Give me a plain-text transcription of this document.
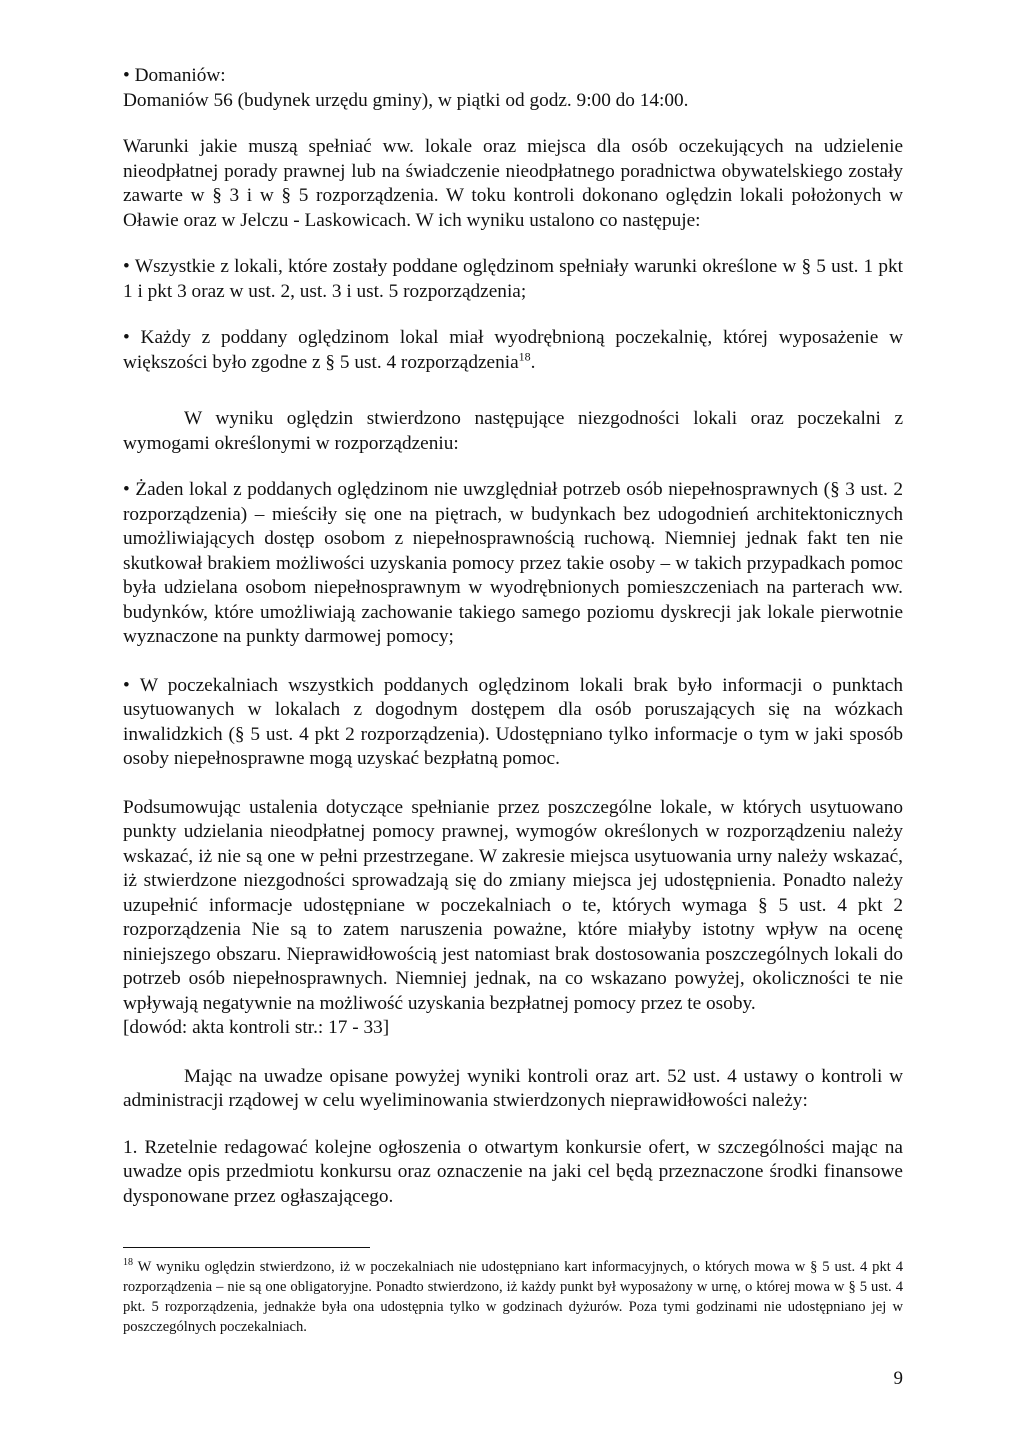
• Domaniów:

Domaniów 56 (budynek urzędu gminy), w piątki od godz. 9:00 do 14:00.

Warunki jakie muszą spełniać ww. lokale oraz miejsca dla osób oczekujących na udzielenie nieodpłatnej porady prawnej lub na świadczenie nieodpłatnego poradnictwa obywatelskiego zostały zawarte w § 3 i w § 5 rozporządzenia. W toku kontroli dokonano oględzin lokali położonych w Oławie oraz w Jelczu - Laskowicach. W ich wyniku ustalono co następuje:

• Wszystkie z lokali, które zostały poddane oględzinom spełniały warunki określone w § 5 ust. 1 pkt 1 i pkt 3 oraz w ust. 2, ust. 3 i ust. 5 rozporządzenia;

• Każdy z poddany oględzinom lokal miał wyodrębnioną poczekalnię, której wyposażenie w większości było zgodne z § 5 ust. 4 rozporządzenia$^{18}$.

W wyniku oględzin stwierdzono następujące niezgodności lokali oraz poczekalni z wymogami określonymi w rozporządzeniu:

• Żaden lokal z poddanych oględzinom nie uwzględniał potrzeb osób niepełnosprawnych (§ 3 ust. 2 rozporządzenia) – mieściły się one na piętrach, w budynkach bez udogodnień architektonicznych umożliwiających dostęp osobom z niepełnosprawnością ruchową. Niemniej jednak fakt ten nie skutkował brakiem możliwości uzyskania pomocy przez takie osoby – w takich przypadkach pomoc była udzielana osobom niepełnosprawnym w wyodrębnionych pomieszczeniach na parterach ww. budynków, które umożliwiają zachowanie takiego samego poziomu dyskrecji jak lokale pierwotnie wyznaczone na punkty darmowej pomocy;

• W poczekalniach wszystkich poddanych oględzinom lokali brak było informacji o punktach usytuowanych w lokalach z dogodnym dostępem dla osób poruszających się na wózkach inwalidzkich (§ 5 ust. 4 pkt 2 rozporządzenia). Udostępniano tylko informacje o tym w jaki sposób osoby niepełnosprawne mogą uzyskać bezpłatną pomoc.

Podsumowując ustalenia dotyczące spełnianie przez poszczególne lokale, w których usytuowano punkty udzielania nieodpłatnej pomocy prawnej, wymogów określonych w rozporządzeniu należy wskazać, iż nie są one w pełni przestrzegane. W zakresie miejsca usytuowania urny należy wskazać, iż stwierdzone niezgodności sprowadzają się do zmiany miejsca jej udostępnienia. Ponadto należy uzupełnić informacje udostępniane w poczekalniach o te, których wymaga § 5 ust. 4 pkt 2 rozporządzenia Nie są to zatem naruszenia poważne, które miałyby istotny wpływ na ocenę niniejszego obszaru. Nieprawidłowością jest natomiast brak dostosowania poszczególnych lokali do potrzeb osób niepełnosprawnych. Niemniej jednak, na co wskazano powyżej, okoliczności te nie wpływają negatywnie na możliwość uzyskania bezpłatnej pomocy przez te osoby.

[dowód: akta kontroli str.: 17 - 33]

Mając na uwadze opisane powyżej wyniki kontroli oraz art. 52 ust. 4 ustawy o kontroli w administracji rządowej w celu wyeliminowania stwierdzonych nieprawidłowości należy:

1. Rzetelnie redagować kolejne ogłoszenia o otwartym konkursie ofert, w szczególności mając na uwadze opis przedmiotu konkursu oraz oznaczenie na jaki cel będą przeznaczone środki finansowe dysponowane przez ogłaszającego.

$^{18}$ W wyniku oględzin stwierdzono, iż w poczekalniach nie udostępniano kart informacyjnych, o których mowa w § 5 ust. 4 pkt 4 rozporządzenia – nie są one obligatoryjne. Ponadto stwierdzono, iż każdy punkt był wyposażony w urnę, o której mowa w § 5 ust. 4 pkt. 5 rozporządzenia, jednakże była ona udostępnia tylko w godzinach dyżurów. Poza tymi godzinami nie udostępniano jej w poszczególnych poczekalniach.

9
